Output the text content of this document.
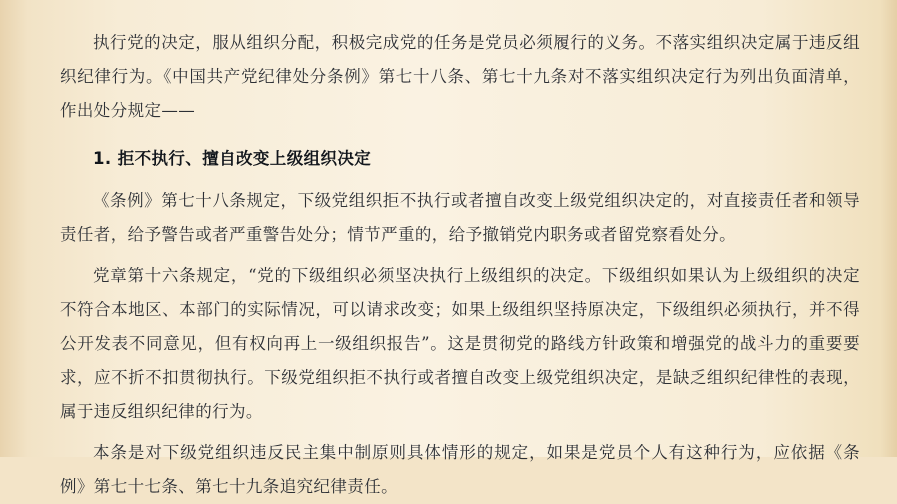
执行党的决定，服从组织分配，积极完成党的任务是党员必须履行的义务。不落实组织决定属于违反组织纪律行为。《中国共产党纪律处分条例》第七十八条、第七十九条对不落实组织决定行为列出负面清单，作出处分规定——

1. 拒不执行、擅自改变上级组织决定

《条例》第七十八条规定，下级党组织拒不执行或者擅自改变上级党组织决定的，对直接责任者和领导责任者，给予警告或者严重警告处分；情节严重的，给予撤销党内职务或者留党察看处分。

党章第十六条规定，“党的下级组织必须坚决执行上级组织的决定。下级组织如果认为上级组织的决定不符合本地区、本部门的实际情况，可以请求改变；如果上级组织坚持原决定，下级组织必须执行，并不得公开发表不同意见，但有权向再上一级组织报告”。这是贯彻党的路线方针政策和增强党的战斗力的重要要求，应不折不扣贯彻执行。下级党组织拒不执行或者擅自改变上级党组织决定，是缺乏组织纪律性的表现，属于违反组织纪律的行为。

本条是对下级党组织违反民主集中制原则具体情形的规定，如果是党员个人有这种行为，应依据《条例》第七十七条、第七十九条追究纪律责任。
